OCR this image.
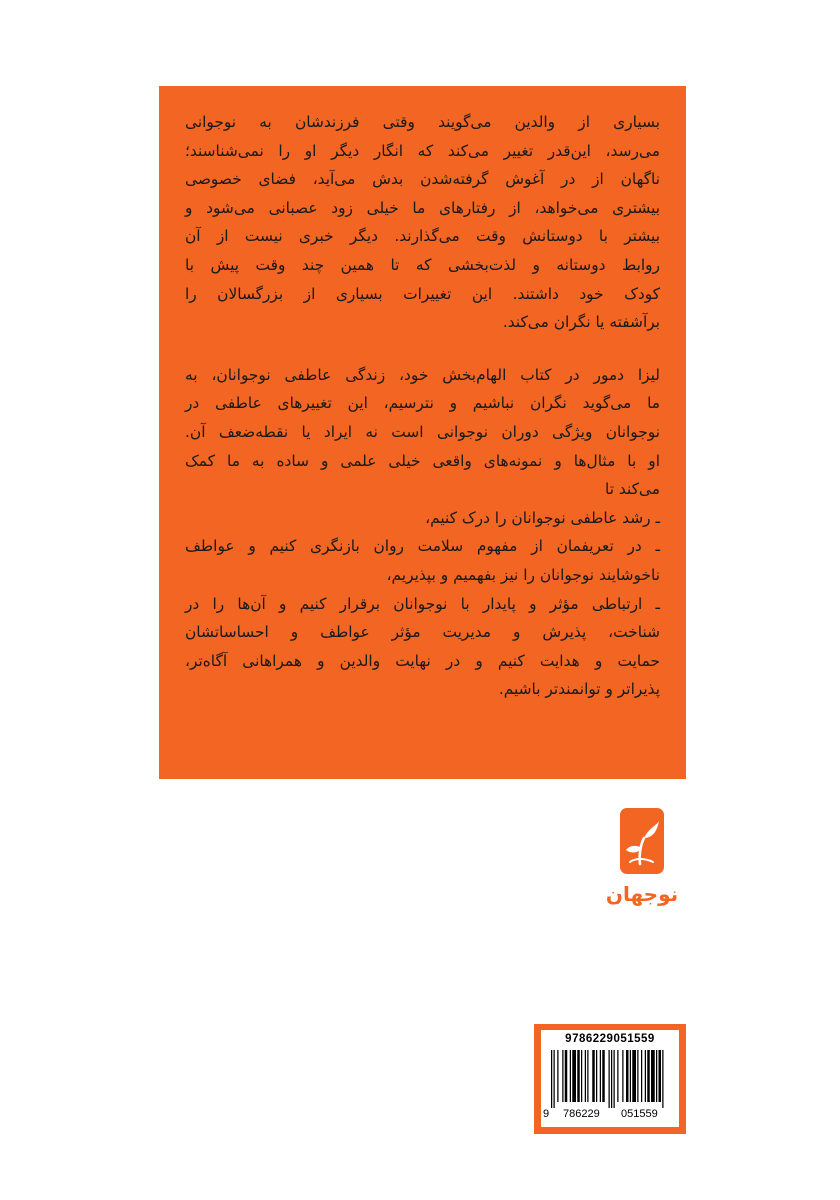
بسیاری از والدین می‌گویند وقتی فرزندشان به نوجوانی
می‌رسد، این‌قدر تغییر می‌کند که انگار دیگر او را نمی‌شناسند؛
ناگهان از در آغوش گرفته‌شدن بدش می‌آید، فضای خصوصی
بیشتری می‌خواهد، از رفتارهای ما خیلی زود عصبانی می‌شود و
بیشتر با دوستانش وقت می‌گذارند. دیگر خبری نیست از آن
روابط دوستانه و لذت‌بخشی که تا همین چند وقت پیش با
کودک خود داشتند. این تغییرات بسیاری از بزرگسالان را
برآشفته یا نگران می‌کند.

لیزا دمور در کتاب الهام‌بخش خود، زندگی عاطفی نوجوانان، به
ما می‌گوید نگران نباشیم و نترسیم، این تغییرهای عاطفی در
نوجوانان ویژگی دوران نوجوانی است نه ایراد یا نقطه‌ضعف آن.
او با مثال‌ها و نمونه‌های واقعی خیلی علمی و ساده به ما کمک
می‌کند تا
ـ رشد عاطفی نوجوانان را درک کنیم،
ـ در تعریفمان از مفهوم سلامت روان بازنگری کنیم و عواطف
ناخوشایند نوجوانان را نیز بفهمیم و بپذیریم،
ـ ارتباطی مؤثر و پایدار با نوجوانان برقرار کنیم و آن‌ها را در
شناخت، پذیرش و مدیریت مؤثر عواطف و احساساتشان
حمایت و هدایت کنیم و در نهایت والدین و همراهانی آگاه‌تر،
پذیراتر و توانمندتر باشیم.

نوجهان
9786229051559
9 786229 051559
